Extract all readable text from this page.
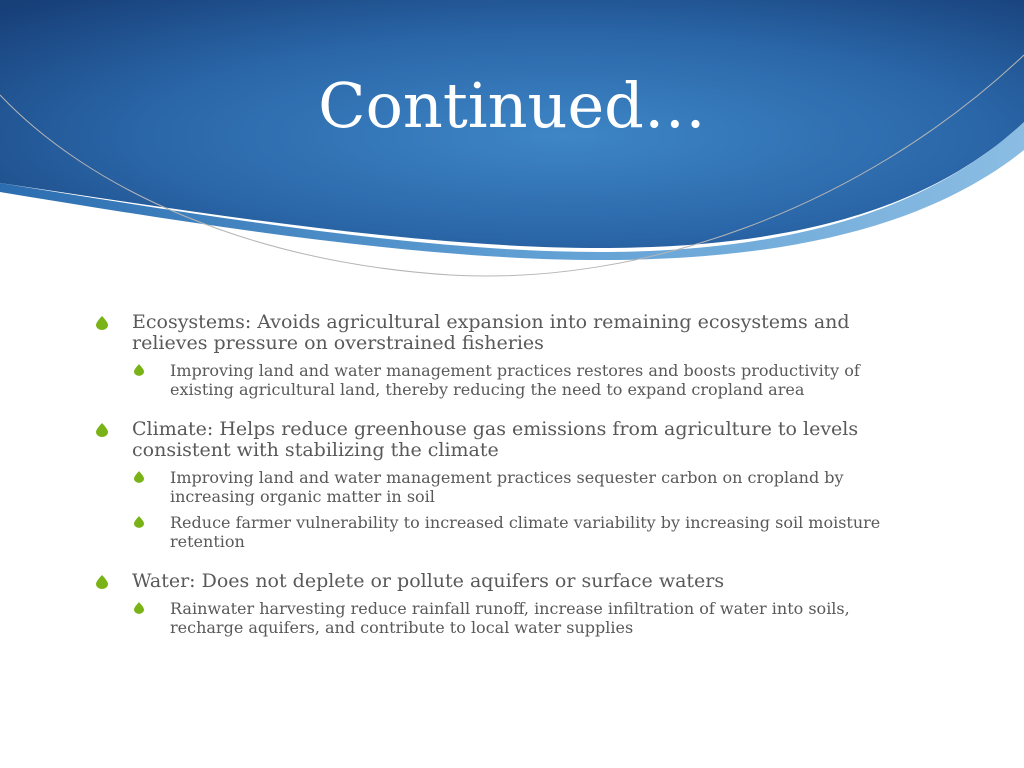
Continued…
Ecosystems: Avoids agricultural expansion into remaining ecosystems and relieves pressure on overstrained fisheries
Improving land and water management practices restores and boosts productivity of existing agricultural land, thereby reducing the need to expand cropland area
Climate: Helps reduce greenhouse gas emissions from agriculture to levels consistent with stabilizing the climate
Improving land and water management practices sequester carbon on cropland by increasing organic matter in soil
Reduce farmer vulnerability to increased climate variability by increasing soil moisture retention
Water: Does not deplete or pollute aquifers or surface waters
Rainwater harvesting reduce rainfall runoff, increase infiltration of water into soils, recharge aquifers, and contribute to local water supplies
